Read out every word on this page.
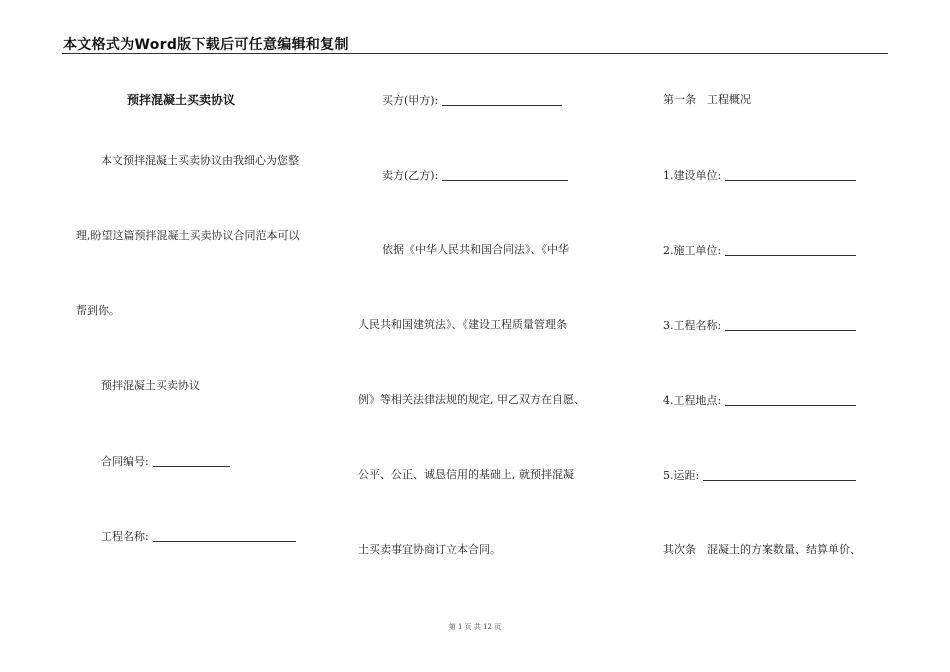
本文格式为Word版下载后可任意编辑和复制
预拌混凝土买卖协议
本文预拌混凝土买卖协议由我细心为您整
理,盼望这篇预拌混凝土买卖协议合同范本可以
帮到你。
预拌混凝土买卖协议
合同编号:
工程名称:
买方(甲方):
卖方(乙方):
依据《中华人民共和国合同法》、《中华
人民共和国建筑法》、《建设工程质量管理条
例》等相关法律法规的规定, 甲乙双方在自愿、
公平、公正、诚恳信用的基础上, 就预拌混凝
土买卖事宜协商订立本合同。
第一条　工程概况
1.建设单位:
2.施工单位:
3.工程名称:
4.工程地点:
5.运距:
其次条　混凝土的方案数量、结算单价、
第 1 页 共 12 页
